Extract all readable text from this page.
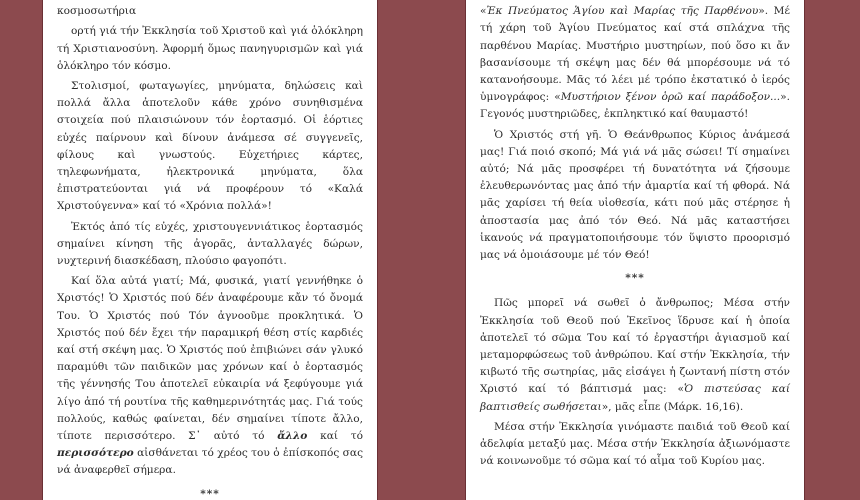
κοσμοσωτήρια

ορτή γιά τήν Ἐκκλησία τοῦ Χριστοῦ καὶ γιά ὁλόκληρη τή Χριστιανοσύνη. Ἀφορμή ὅμως πανηγυρισμῶν καὶ γιά ὁλόκληρο τόν κόσμο.

Στολισμοί, φωταγωγίες, μηνύματα, δηλώσεις καὶ πολλά ἄλλα ἀποτελοῦν κάθε χρόνο συνηθισμένα στοιχεία πού πλαισιώνουν τόν ἑορτασμό. Οἱ ἑόρτιες εὐχές παίρνουν καὶ δίνουν ἀνάμεσα σέ συγγενεῖς, φίλους καὶ γνωστούς. Εὐχετήριες κάρτες, τηλεφωνήματα, ἠλεκτρονικά μηνύματα, ὅλα ἐπιστρατεύονται γιά νά προφέρουν τό «Καλά Χριστούγεννα» καί τό «Χρόνια πολλά»!

Ἐκτός ἀπό τίς εὐχές, χριστουγεννιάτικος ἑορτασμός σημαίνει κίνηση τῆς ἀγορᾶς, ἀνταλλαγές δώρων, νυχτερινή διασκέδαση, πλούσιο φαγοπότι.

Καί ὅλα αὐτά γιατί; Μά, φυσικά, γιατί γεννήθηκε ὁ Χριστός! Ὁ Χριστός πού δέν ἀναφέρουμε κἄν τό ὄνομά Του. Ὁ Χριστός πού Τόν ἀγνοοῦμε προκλητικά. Ὁ Χριστός πού δέν ἔχει τήν παραμικρή θέση στίς καρδιές καί στή σκέψη μας. Ὁ Χριστός πού ἐπιβιώνει σάν γλυκό παραμύθι τῶν παιδικῶν μας χρόνων καί ὁ ἑορτασμός τῆς γέννησής Του ἀποτελεῖ εὐκαιρία νά ξεφύγουμε γιά λίγο ἀπό τή ρουτίνα τῆς καθημερινότητάς μας. Γιά τούς πολλούς, καθώς φαίνεται, δέν σημαίνει τίποτε ἄλλο, τίποτε περισσότερο. Σ᾽ αὐτό τό ἄλλο καί τό περισσότερο αἰσθάνεται τό χρέος του ὁ ἐπίσκοπός σας νά ἀναφερθεῖ σήμερα.

***

«Ἐκ Πνεύματος Ἁγίου καὶ Μαρίας τῆς Παρθένου». Μέ τή χάρη τοῦ Ἁγίου Πνεύματος καί στά σπλάχνα τῆς παρθένου Μαρίας. Μυστήριο μυστηρίων, πού ὅσο κι ἄν βασανίσουμε τή σκέψη μας δέν θά μπορέσουμε νά τό κατανοήσουμε. Μᾶς τό λέει μέ τρόπο ἐκστατικό ὁ ἱερός ὑμνογράφος: «Μυστήριον ξένον ὁρῶ καί παράδοξον...». Γεγονός μυστηριῶδες, ἐκπληκτικό καί θαυμαστό!

Ὁ Χριστός στή γῆ. Ὁ Θεάνθρωπος Κύριος ἀνάμεσά μας! Γιά ποιό σκοπό; Μά γιά νά μᾶς σώσει! Τί σημαίνει αὐτό; Νά μᾶς προσφέρει τή δυνατότητα νά ζήσουμε ἐλευθερωνόντας μας ἀπό τήν ἁμαρτία καί τή φθορά. Νά μᾶς χαρίσει τή θεία υἱοθεσία, κάτι πού μᾶς στέρησε ἡ ἀποστασία μας ἀπό τόν Θεό. Νά μᾶς καταστήσει ἱκανούς νά πραγματοποιήσουμε τόν ὕψιστο προορισμό μας νά ὁμοιάσουμε μέ τόν Θεό!

***

Πῶς μπορεῖ νά σωθεῖ ὁ ἄνθρωπος; Μέσα στήν Ἐκκλησία τοῦ Θεοῦ πού Ἐκεῖνος ἵδρυσε καί ἡ ὁποία ἀποτελεῖ τό σῶμα Του καί τό ἐργαστήρι ἁγιασμοῦ καί μεταμορφώσεως τοῦ ἀνθρώπου. Καί στήν Ἐκκλησία, τήν κιβωτό τῆς σωτηρίας, μᾶς εἰσάγει ἡ ζωντανή πίστη στόν Χριστό καί τό βάπτισμά μας: «Ὁ πιστεύσας καί βαπτισθείς σωθήσεται», μᾶς εἶπε (Μάρκ. 16,16).

Μέσα στήν Ἐκκλησία γινόμαστε παιδιά τοῦ Θεοῦ καί ἀδελφία μεταξύ μας. Μέσα στήν Ἐκκλησία ἀξιωνόμαστε νά κοινωνοῦμε τό σῶμα καί τό αἷμα τοῦ Κυρίου μας.
